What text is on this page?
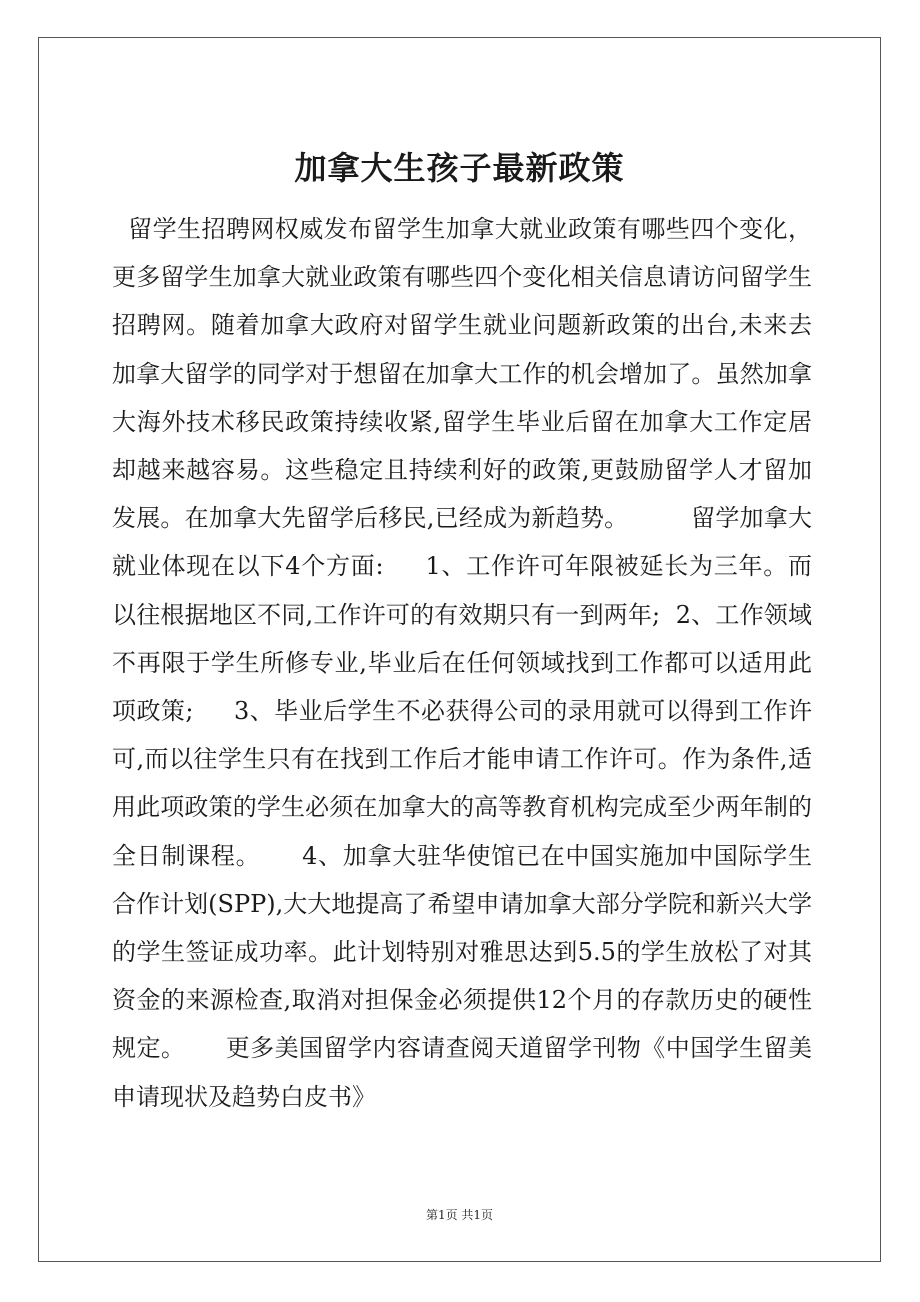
加拿大生孩子最新政策

留学生招聘网权威发布留学生加拿大就业政策有哪些四个变化，更多留学生加拿大就业政策有哪些四个变化相关信息请访问留学生招聘网。随着加拿大政府对留学生就业问题新政策的出台,未来去加拿大留学的同学对于想留在加拿大工作的机会增加了。虽然加拿大海外技术移民政策持续收紧,留学生毕业后留在加拿大工作定居却越来越容易。这些稳定且持续利好的政策,更鼓励留学人才留加发展。在加拿大先留学后移民,已经成为新趋势。        留学加拿大就业体现在以下4个方面:     1、工作许可年限被延长为三年。而以往根据地区不同,工作许可的有效期只有一到两年;  2、工作领域不再限于学生所修专业,毕业后在任何领域找到工作都可以适用此项政策;     3、毕业后学生不必获得公司的录用就可以得到工作许可,而以往学生只有在找到工作后才能申请工作许可。作为条件,适用此项政策的学生必须在加拿大的高等教育机构完成至少两年制的全日制课程。     4、加拿大驻华使馆已在中国实施加中国际学生合作计划(SPP),大大地提高了希望申请加拿大部分学院和新兴大学的学生签证成功率。此计划特别对雅思达到5.5的学生放松了对其资金的来源检查,取消对担保金必须提供12个月的存款历史的硬性规定。     更多美国留学内容请查阅天道留学刊物《中国学生留美申请现状及趋势白皮书》

第1页 共1页
